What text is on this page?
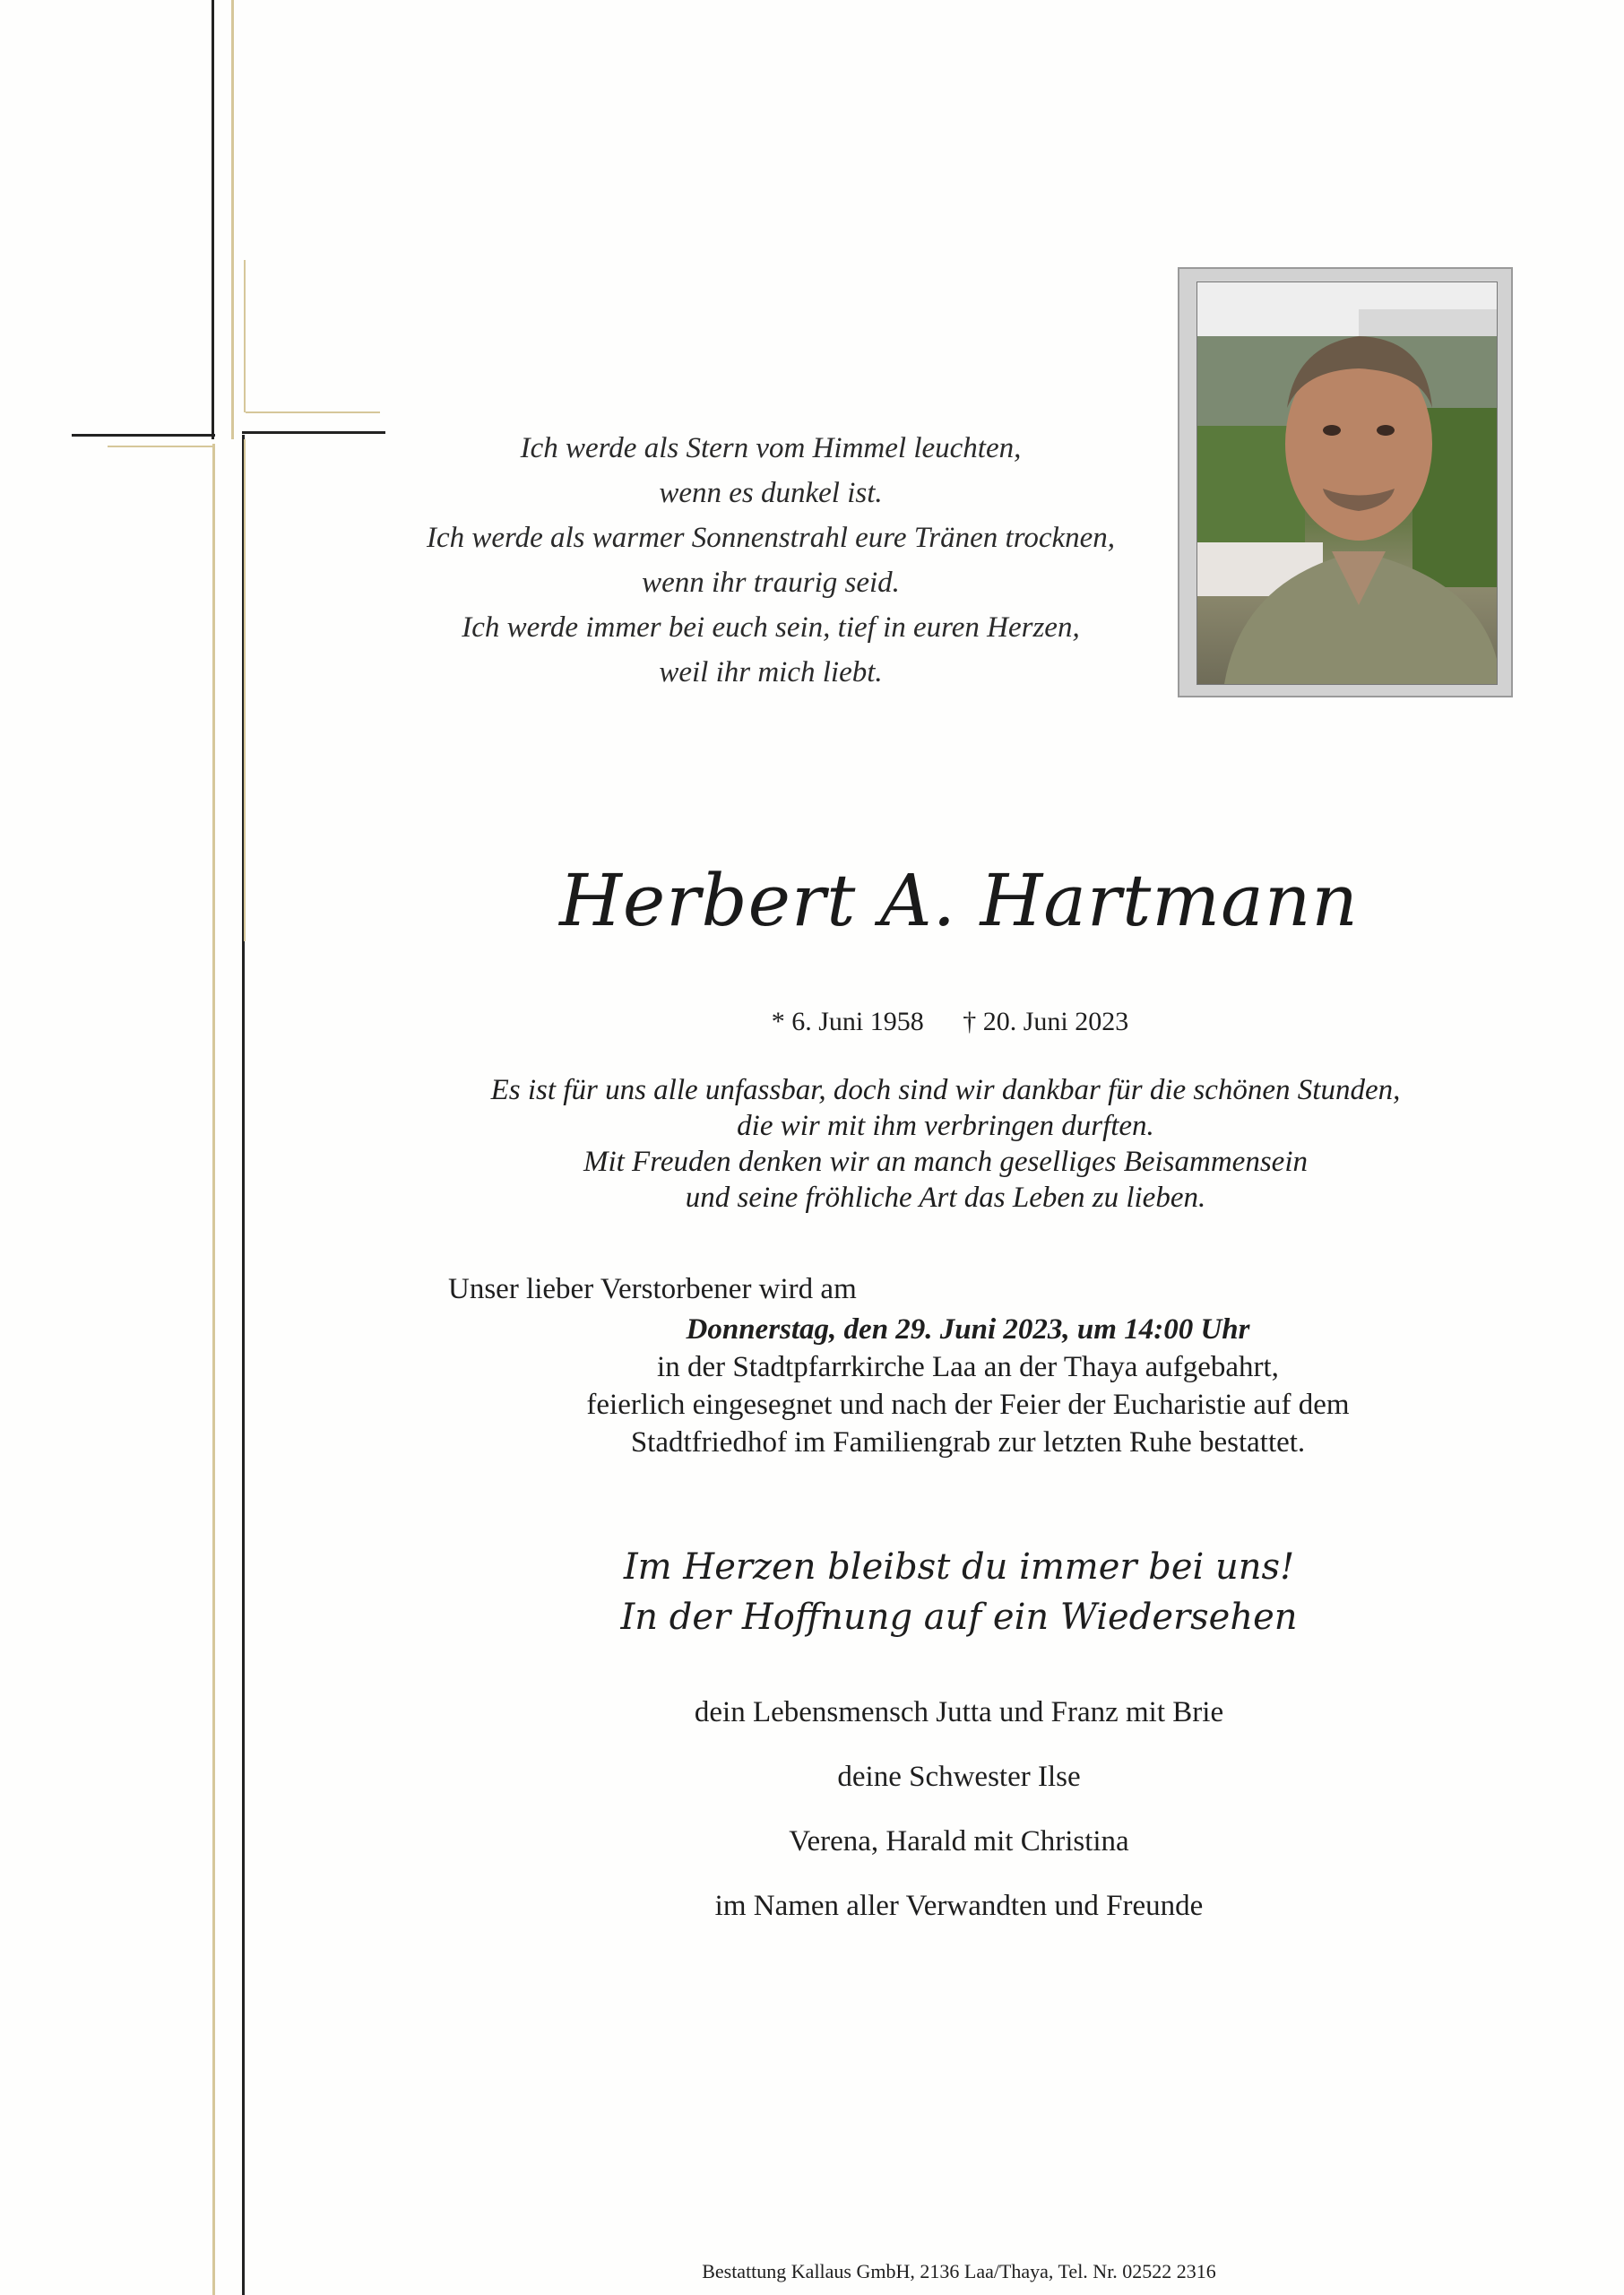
Ich werde als Stern vom Himmel leuchten,
wenn es dunkel ist.
Ich werde als warmer Sonnenstrahl eure Tränen trocknen,
wenn ihr traurig seid.
Ich werde immer bei euch sein, tief in euren Herzen,
weil ihr mich liebt.
Herbert A. Hartmann
* 6. Juni 1958 † 20. Juni 2023
Es ist für uns alle unfassbar, doch sind wir dankbar für die schönen Stunden,
die wir mit ihm verbringen durften.
Mit Freuden denken wir an manch geselliges Beisammensein
und seine fröhliche Art das Leben zu lieben.
Unser lieber Verstorbener wird am
Donnerstag, den 29. Juni 2023, um 14:00 Uhr
in der Stadtpfarrkirche Laa an der Thaya aufgebahrt,
feierlich eingesegnet und nach der Feier der Eucharistie auf dem
Stadtfriedhof im Familiengrab zur letzten Ruhe bestattet.
Im Herzen bleibst du immer bei uns!
In der Hoffnung auf ein Wiedersehen
dein Lebensmensch Jutta und Franz mit Brie
deine Schwester Ilse
Verena, Harald mit Christina
im Namen aller Verwandten und Freunde
Bestattung Kallaus GmbH, 2136 Laa/Thaya, Tel. Nr. 02522 2316
